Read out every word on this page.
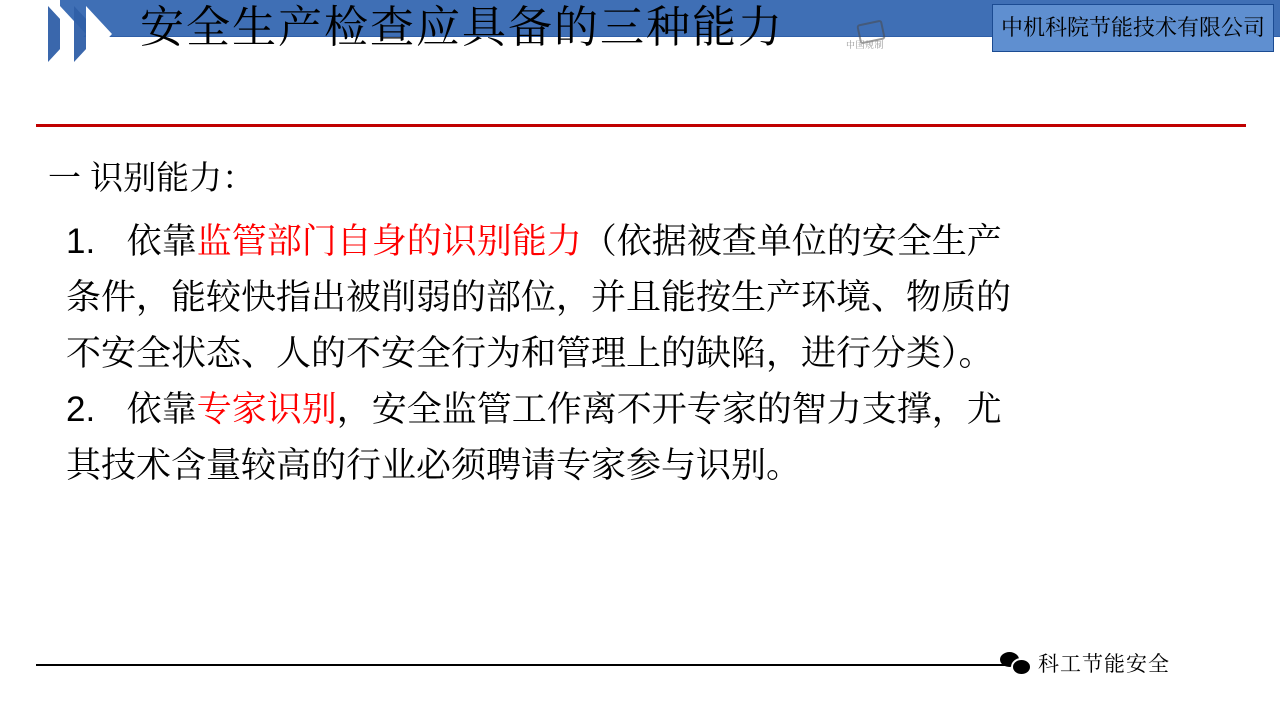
安全生产检查应具备的三种能力	中机科院节能技术有限公司
中国规制
一 识别能力：
1. 依靠监管部门自身的识别能力（依据被查单位的安全生产
条件，能较快指出被削弱的部位，并且能按生产环境、物质的
不安全状态、人的不安全行为和管理上的缺陷，进行分类）。
2. 依靠专家识别，安全监管工作离不开专家的智力支撑，尤
其技术含量较高的行业必须聘请专家参与识别。
科工节能安全
